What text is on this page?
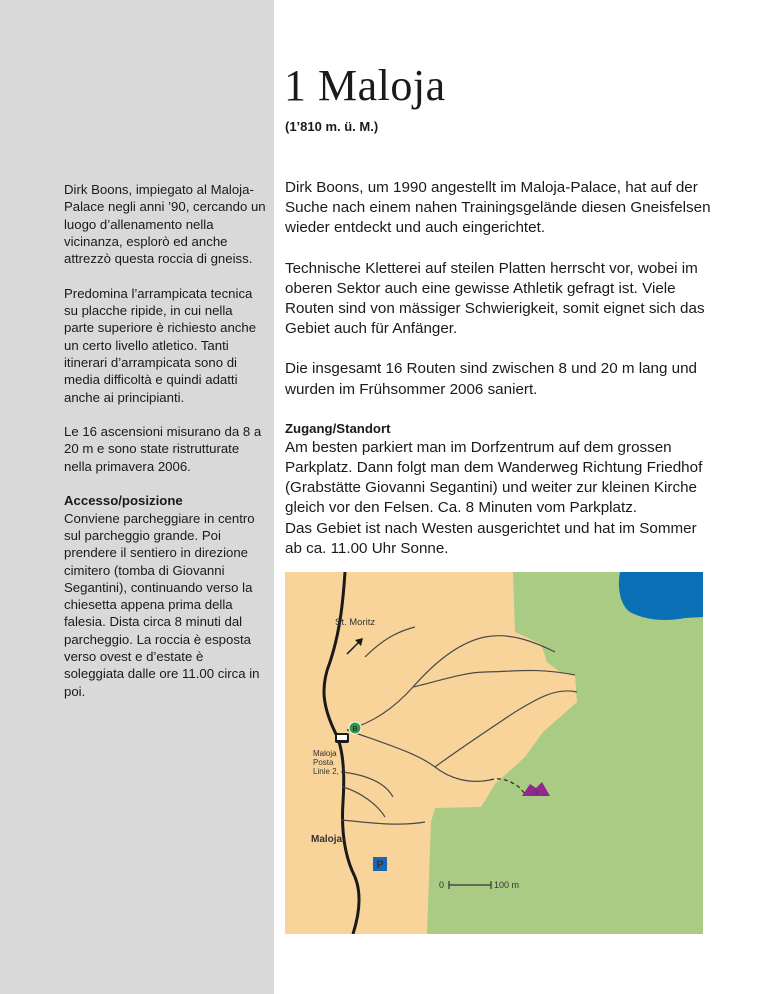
1 Maloja

(1’810 m. ü. M.)

Dirk Boons, impiegato al Maloja-Palace negli anni ’90, cercando un luogo d’allenamento nella vicinanza, esplorò ed anche attrezzò questa roccia di gneiss.

Predomina l’arrampicata tecnica su placche ripide, in cui nella parte superiore è richiesto anche un certo livello atletico. Tanti itinerari d’arrampicata sono di media difficoltà e quindi adatti anche ai principianti.

Le 16 ascensioni misurano da 8 a 20 m e sono state ristrutturate nella primavera 2006.

Accesso/posizione

Conviene parcheggiare in centro sul parcheggio grande. Poi prendere il sentiero in direzione cimitero (tomba di Giovanni Segantini), continuando verso la chiesetta appena prima della falesia. Dista circa 8 minuti dal parcheggio. La roccia è esposta verso ovest e d’estate è soleggiata dalle ore 11.00 circa in poi.

Dirk Boons, um 1990 angestellt im Maloja-Palace, hat auf der Suche nach einem nahen Trainingsgelände diesen Gneisfelsen wieder entdeckt und auch eingerichtet.

Technische Kletterei auf steilen Platten herrscht vor, wobei im oberen Sektor auch eine gewisse Athletik gefragt ist. Viele Routen sind von mässiger Schwierigkeit, somit eignet sich das Gebiet auch für Anfänger.

Die insgesamt 16 Routen sind zwischen 8 und 20 m lang und wurden im Frühsommer 2006 saniert.

Zugang/Standort

Am besten parkiert man im Dorfzentrum auf dem grossen Parkplatz. Dann folgt man dem Wanderweg Richtung Friedhof (Grabstätte Giovanni Segantini) und weiter zur kleinen Kirche gleich vor den Felsen. Ca. 8 Minuten vom Parkplatz.

Das Gebiet ist nach Westen ausgerichtet und hat im Sommer ab ca. 11.00 Uhr Sonne.

St. Moritz
B
Maloja
Posta
Linie 2, 4
1
Maloja
P
0	100 m
